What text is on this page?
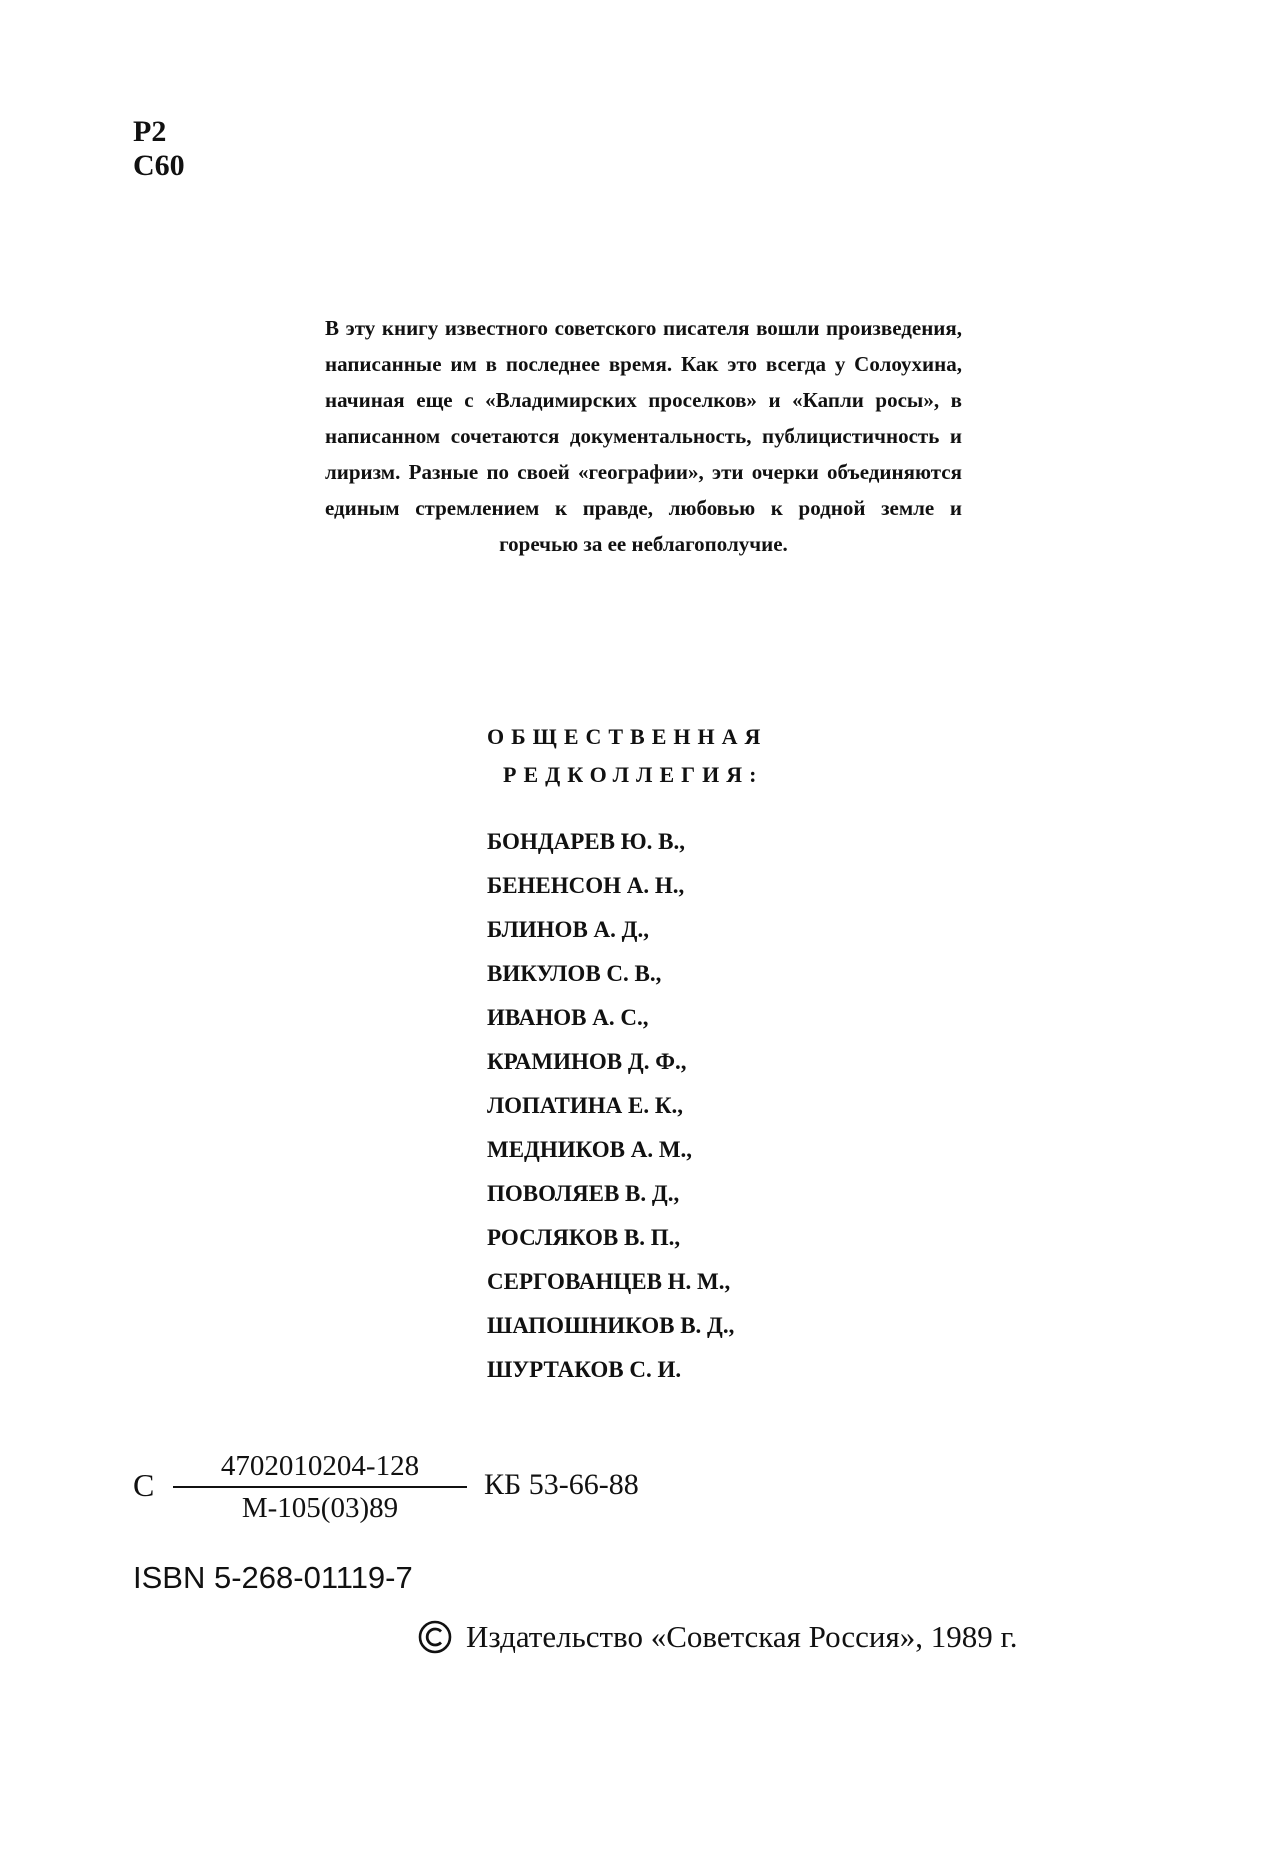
Р2
С60
В эту книгу известного советского писателя вошли произведения, написанные им в последнее время. Как это всегда у Солоухина, начиная еще с «Владимирских проселков» и «Капли росы», в написанном сочетаются документальность, публицистичность и лиризм. Разные по своей «географии», эти очерки объединяются единым стремлением к правде, любовью к родной земле и горечью за ее неблагополучие.
ОБЩЕСТВЕННАЯ
РЕДКОЛЛЕГИЯ:
БОНДАРЕВ Ю. В.,
БЕНЕНСОН А. Н.,
БЛИНОВ А. Д.,
ВИКУЛОВ С. В.,
ИВАНОВ А. С.,
КРАМИНОВ Д. Ф.,
ЛОПАТИНА Е. К.,
МЕДНИКОВ А. М.,
ПОВОЛЯЕВ В. Д.,
РОСЛЯКОВ В. П.,
СЕРГОВАНЦЕВ Н. М.,
ШАПОШНИКОВ В. Д.,
ШУРТАКОВ С. И.
С
4702010204-128
М-105(03)89
КБ 53-66-88
ISBN 5-268-01119-7
Издательство «Советская Россия», 1989 г.
